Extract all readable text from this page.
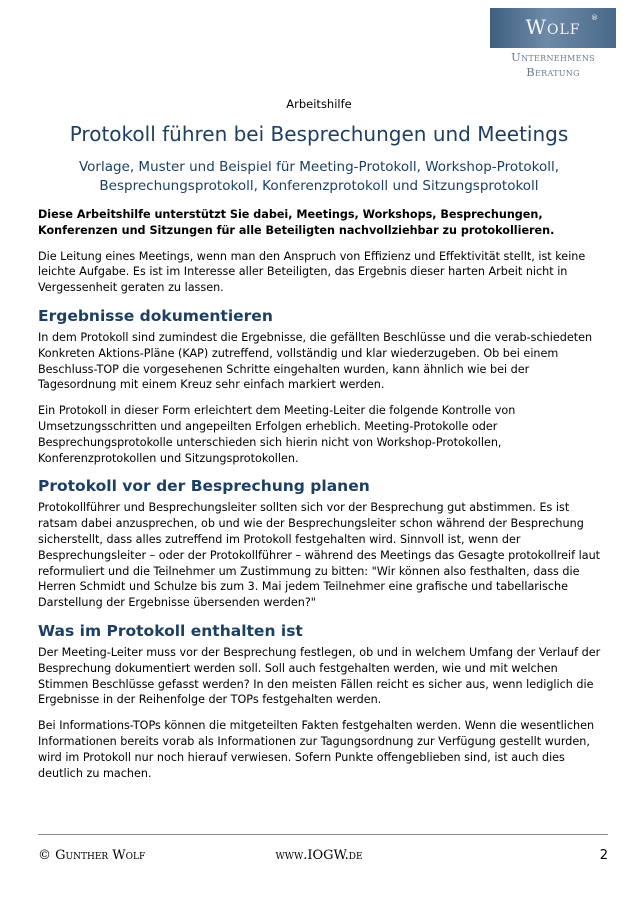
Wolf	®
Unternehmens
Beratung
Arbeitshilfe
Protokoll führen bei Besprechungen und Meetings
Vorlage, Muster und Beispiel für Meeting-Protokoll, Workshop-Protokoll,
Besprechungsprotokoll, Konferenzprotokoll und Sitzungsprotokoll

Diese Arbeitshilfe unterstützt Sie dabei, Meetings, Workshops, Besprechungen, Konferenzen und Sitzungen für alle Beteiligten nachvollziehbar zu protokollieren.

Die Leitung eines Meetings, wenn man den Anspruch von Effizienz und Effektivität stellt, ist keine leichte Aufgabe. Es ist im Interesse aller Beteiligten, das Ergebnis dieser harten Arbeit nicht in Vergessenheit geraten zu lassen.

Ergebnisse dokumentieren

In dem Protokoll sind zumindest die Ergebnisse, die gefällten Beschlüsse und die verab-schiedeten Konkreten Aktions-Pläne (KAP) zutreffend, vollständig und klar wiederzugeben. Ob bei einem Beschluss-TOP die vorgesehenen Schritte eingehalten wurden, kann ähnlich wie bei der Tagesordnung mit einem Kreuz sehr einfach markiert werden.

Ein Protokoll in dieser Form erleichtert dem Meeting-Leiter die folgende Kontrolle von Umsetzungsschritten und angepeilten Erfolgen erheblich. Meeting-Protokolle oder Besprechungsprotokolle unterschieden sich hierin nicht von Workshop-Protokollen, Konferenzprotokollen und Sitzungsprotokollen.

Protokoll vor der Besprechung planen

Protokollführer und Besprechungsleiter sollten sich vor der Besprechung gut abstimmen. Es ist ratsam dabei anzusprechen, ob und wie der Besprechungsleiter schon während der Besprechung sicherstellt, dass alles zutreffend im Protokoll festgehalten wird. Sinnvoll ist, wenn der Besprechungsleiter – oder der Protokollführer – während des Meetings das Gesagte protokollreif laut reformuliert und die Teilnehmer um Zustimmung zu bitten: "Wir können also festhalten, dass die Herren Schmidt und Schulze bis zum 3. Mai jedem Teilnehmer eine grafische und tabellarische Darstellung der Ergebnisse übersenden werden?"

Was im Protokoll enthalten ist

Der Meeting-Leiter muss vor der Besprechung festlegen, ob und in welchem Umfang der Verlauf der Besprechung dokumentiert werden soll. Soll auch festgehalten werden, wie und mit welchen Stimmen Beschlüsse gefasst werden? In den meisten Fällen reicht es sicher aus, wenn lediglich die Ergebnisse in der Reihenfolge der TOPs festgehalten werden.

Bei Informations-TOPs können die mitgeteilten Fakten festgehalten werden. Wenn die wesentlichen Informationen bereits vorab als Informationen zur Tagungsordnung zur Verfügung gestellt wurden, wird im Protokoll nur noch hierauf verwiesen. Sofern Punkte offengeblieben sind, ist auch dies deutlich zu machen.

© Gunther Wolf	www.IOGW.de	2
